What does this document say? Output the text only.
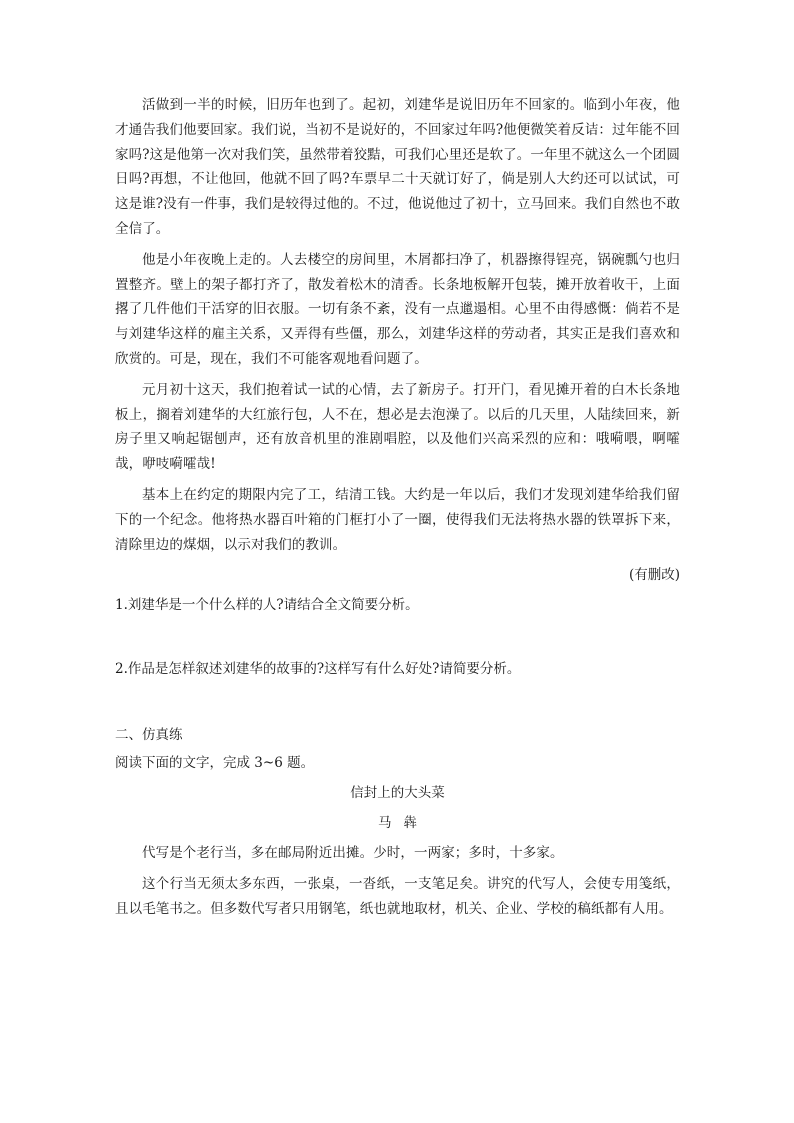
活做到一半的时候，旧历年也到了。起初，刘建华是说旧历年不回家的。临到小年夜，他才通告我们他要回家。我们说，当初不是说好的，不回家过年吗?他便微笑着反诘：过年能不回家吗?这是他第一次对我们笑，虽然带着狡黠，可我们心里还是软了。一年里不就这么一个团圆日吗?再想，不让他回，他就不回了吗?车票早二十天就订好了，倘是别人大约还可以试试，可这是谁?没有一件事，我们是较得过他的。不过，他说他过了初十，立马回来。我们自然也不敢全信了。

他是小年夜晚上走的。人去楼空的房间里，木屑都扫净了，机器擦得锃亮，锅碗瓢勺也归置整齐。壁上的架子都打齐了，散发着松木的清香。长条地板解开包装，摊开放着收干，上面撂了几件他们干活穿的旧衣服。一切有条不紊，没有一点邋遢相。心里不由得感慨：倘若不是与刘建华这样的雇主关系，又弄得有些僵，那么，刘建华这样的劳动者，其实正是我们喜欢和欣赏的。可是，现在，我们不可能客观地看问题了。

元月初十这天，我们抱着试一试的心情，去了新房子。打开门，看见摊开着的白木长条地板上，搁着刘建华的大红旅行包，人不在，想必是去泡澡了。以后的几天里，人陆续回来，新房子里又响起锯刨声，还有放音机里的淮剧唱腔，以及他们兴高采烈的应和：哦嗬喂，啊嚯哉，咿吱嗬嚯哉!

基本上在约定的期限内完了工，结清工钱。大约是一年以后，我们才发现刘建华给我们留下的一个纪念。他将热水器百叶箱的门框打小了一圈，使得我们无法将热水器的铁罩拆下来，清除里边的煤烟，以示对我们的教训。

(有删改)

1.刘建华是一个什么样的人?请结合全文简要分析。

2.作品是怎样叙述刘建华的故事的?这样写有什么好处?请简要分析。

二、仿真练

阅读下面的文字，完成 3~6 题。

信封上的大头菜

马犇

代写是个老行当，多在邮局附近出摊。少时，一两家；多时，十多家。

这个行当无须太多东西，一张桌，一沓纸，一支笔足矣。讲究的代写人，会使专用笺纸，且以毛笔书之。但多数代写者只用钢笔，纸也就地取材，机关、企业、学校的稿纸都有人用。
